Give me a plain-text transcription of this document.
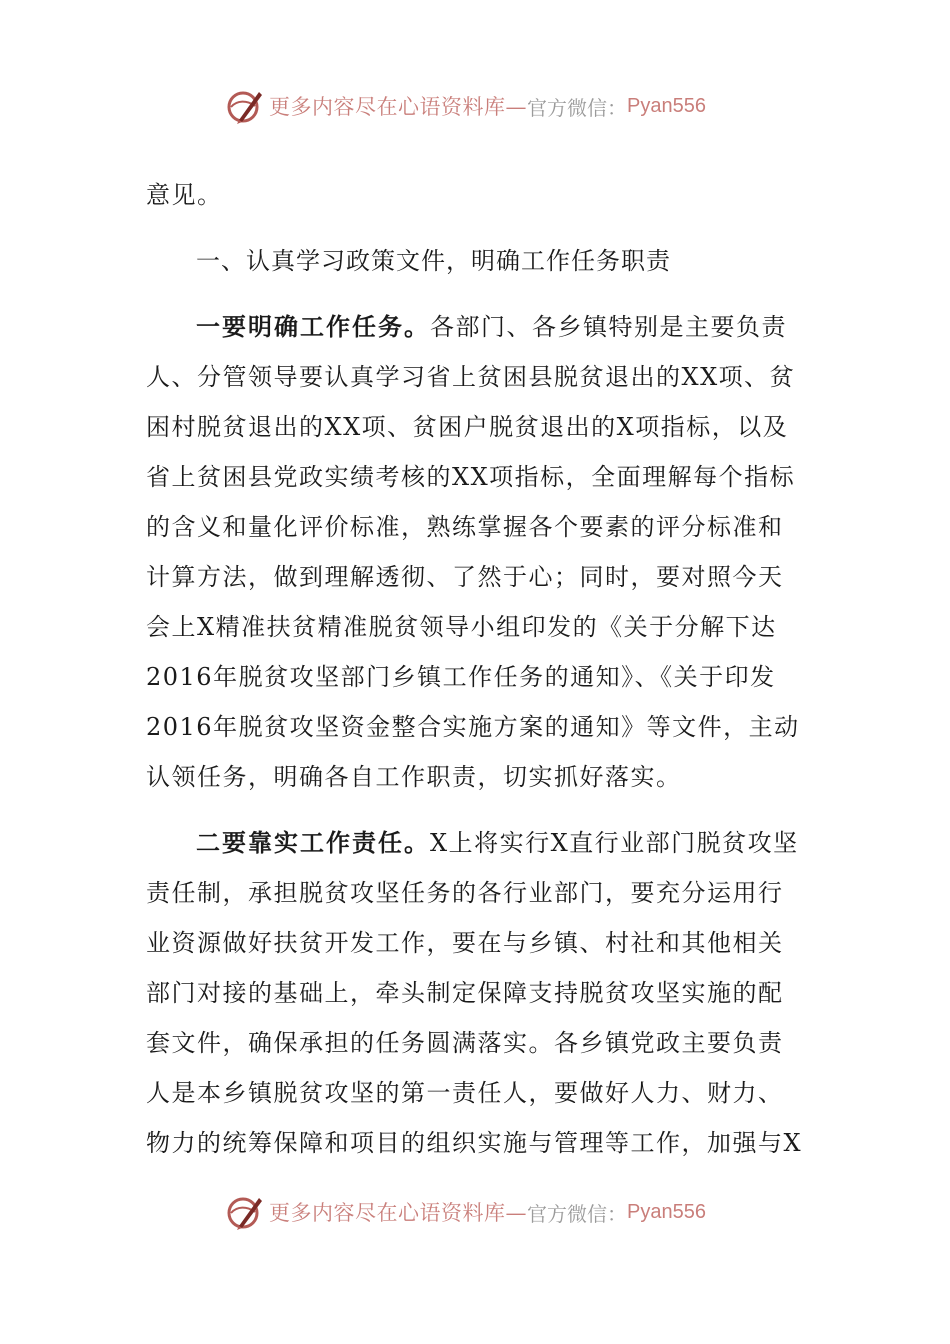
更多内容尽在心语资料库— 官方微信： Pyan556
意见。
一、认真学习政策文件，明确工作任务职责
一要明确工作任务。各部门、各乡镇特别是主要负责
人、分管领导要认真学习省上贫困县脱贫退出的XX项、贫
困村脱贫退出的XX项、贫困户脱贫退出的X项指标，以及
省上贫困县党政实绩考核的XX项指标，全面理解每个指标
的含义和量化评价标准，熟练掌握各个要素的评分标准和
计算方法，做到理解透彻、了然于心；同时，要对照今天
会上X精准扶贫精准脱贫领导小组印发的《关于分解下达
2016年脱贫攻坚部门乡镇工作任务的通知》、《关于印发
2016年脱贫攻坚资金整合实施方案的通知》等文件，主动
认领任务，明确各自工作职责，切实抓好落实。
二要靠实工作责任。X上将实行X直行业部门脱贫攻坚
责任制，承担脱贫攻坚任务的各行业部门，要充分运用行
业资源做好扶贫开发工作，要在与乡镇、村社和其他相关
部门对接的基础上，牵头制定保障支持脱贫攻坚实施的配
套文件，确保承担的任务圆满落实。各乡镇党政主要负责
人是本乡镇脱贫攻坚的第一责任人，要做好人力、财力、
物力的统筹保障和项目的组织实施与管理等工作，加强与X
更多内容尽在心语资料库— 官方微信： Pyan556
